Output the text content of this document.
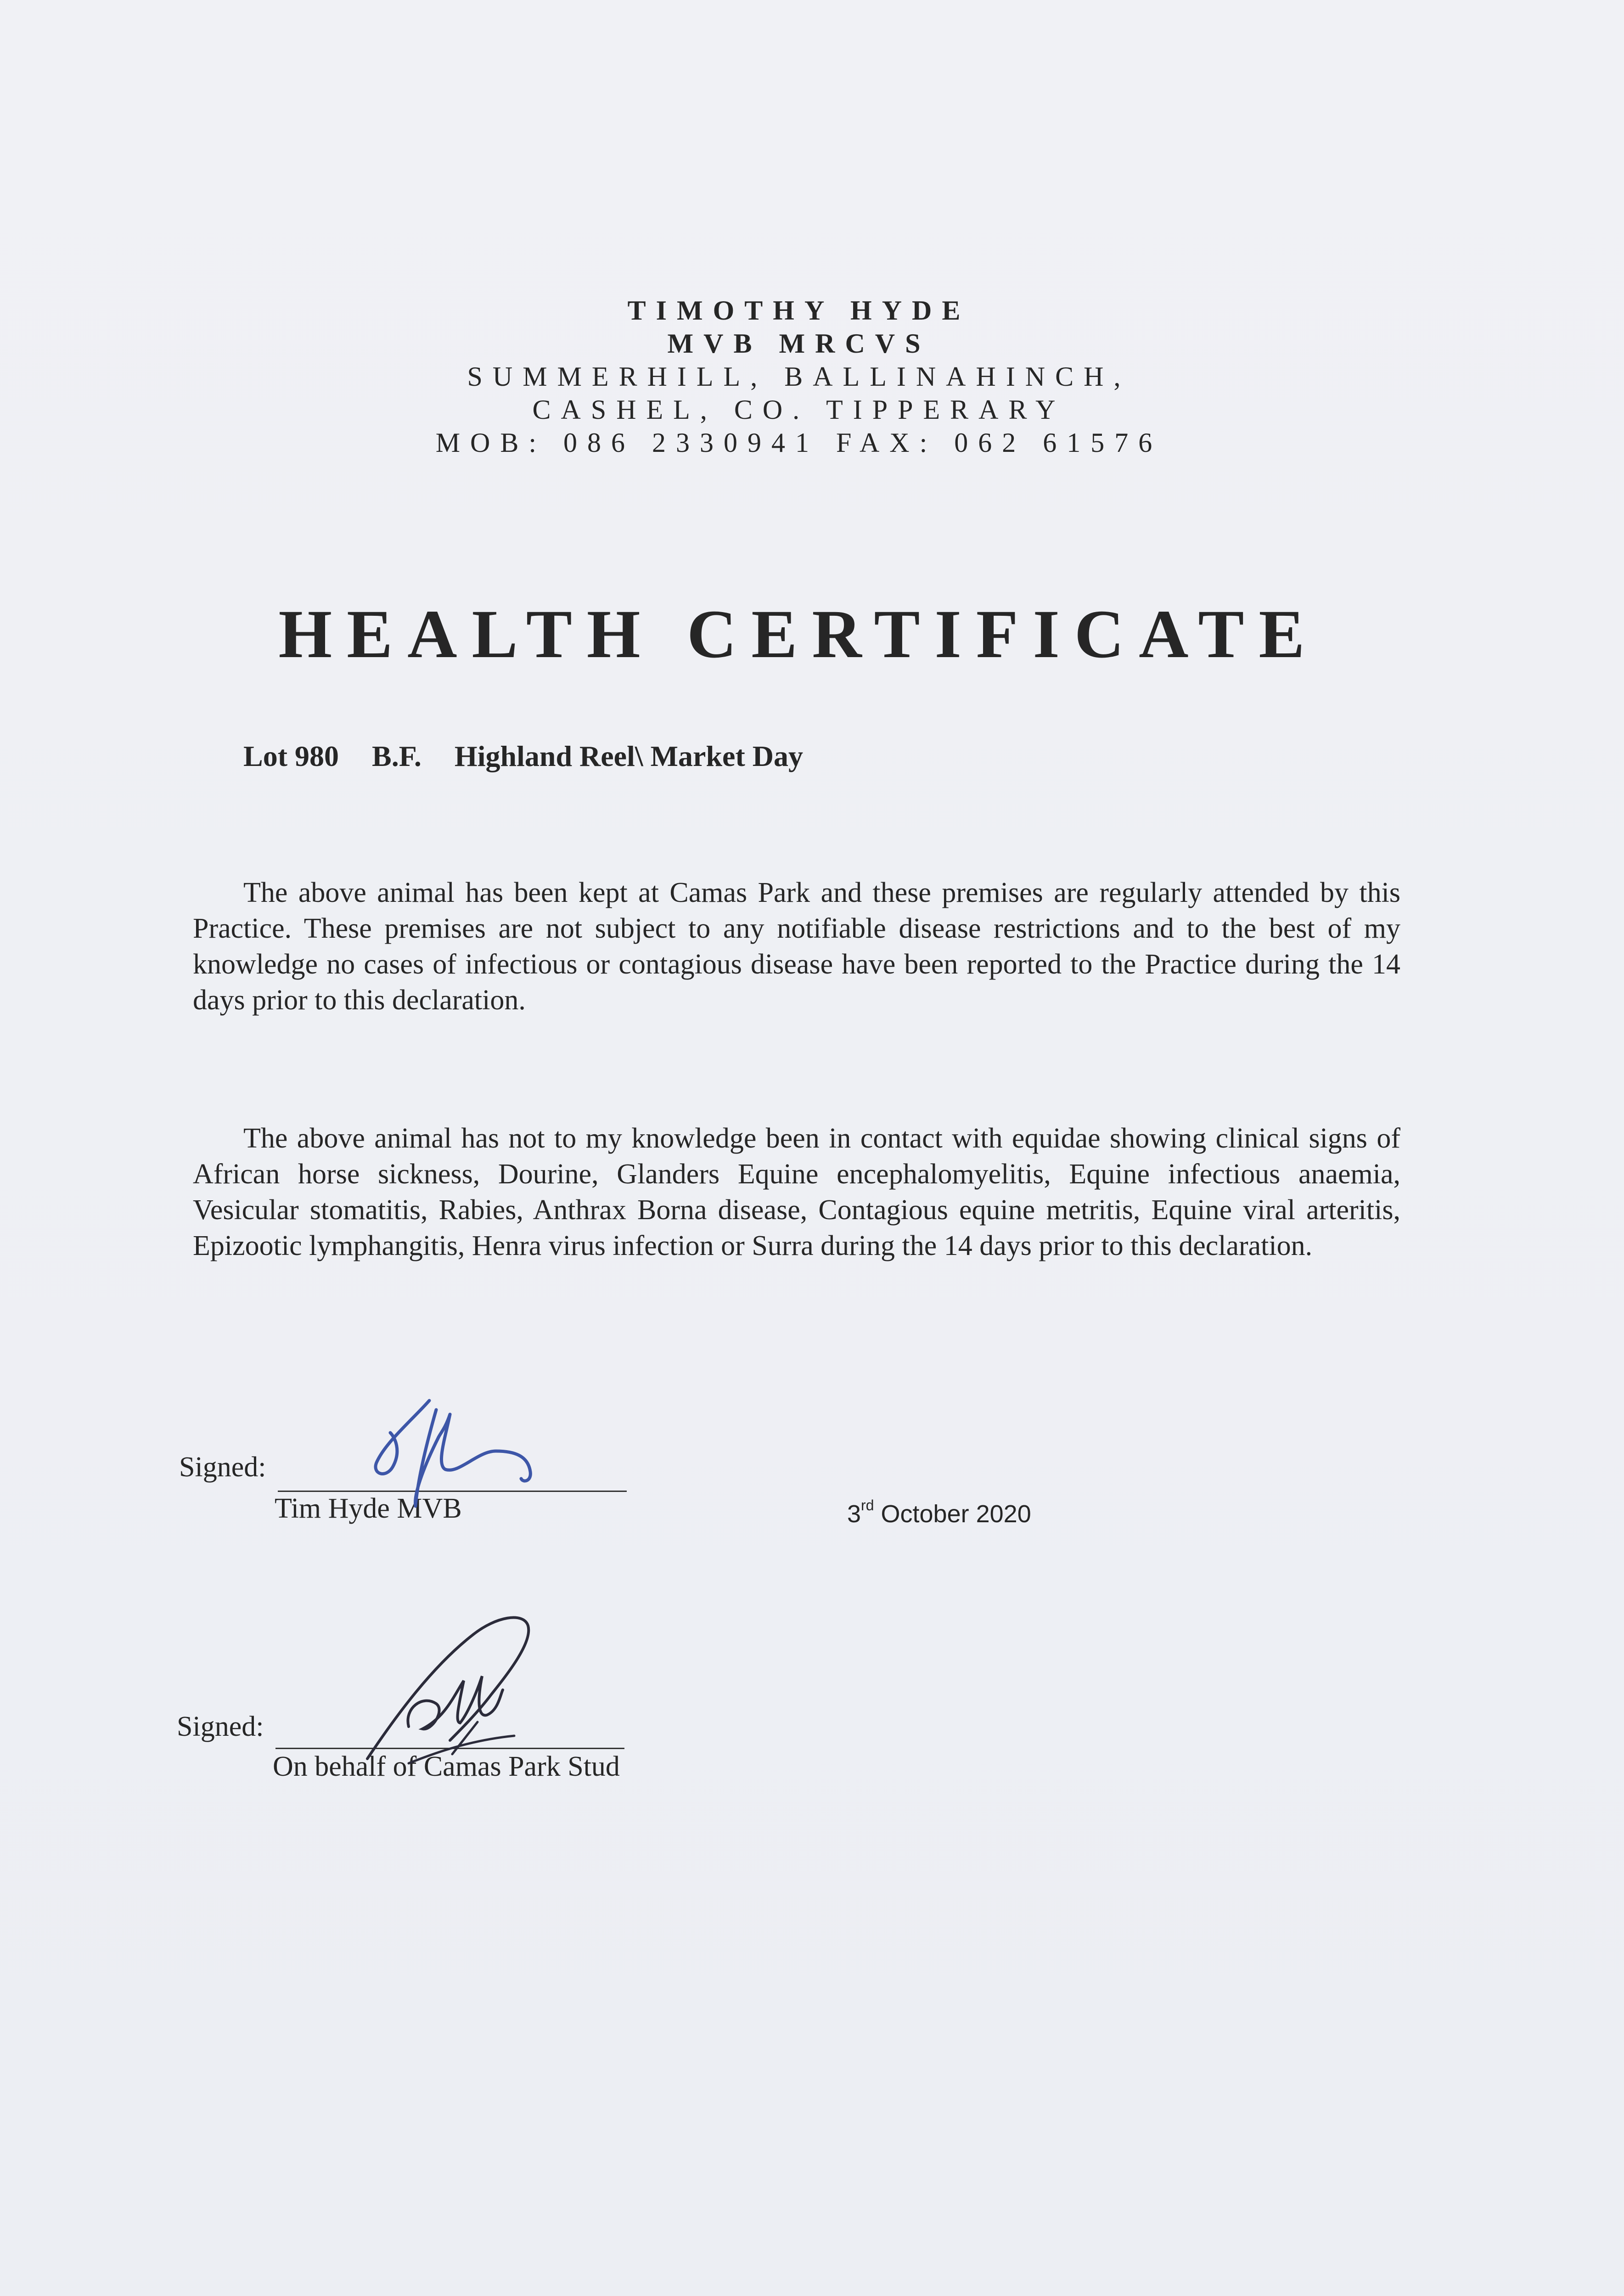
TIMOTHY HYDE
MVB MRCVS
SUMMERHILL, BALLINAHINCH,
CASHEL, CO. TIPPERARY
MOB: 086 2330941 FAX: 062 61576
HEALTH CERTIFICATE
Lot 980 B.F. Highland Reel\ Market Day

The above animal has been kept at Camas Park and these premises are regularly attended by this Practice. These premises are not subject to any notifiable disease restrictions and to the best of my knowledge no cases of infectious or contagious disease have been reported to the Practice during the 14 days prior to this declaration.

The above animal has not to my knowledge been in contact with equidae showing clinical signs of African horse sickness, Dourine, Glanders Equine encephalomyelitis, Equine infectious anaemia, Vesicular stomatitis, Rabies, Anthrax Borna disease, Contagious equine metritis, Equine viral arteritis, Epizootic lymphangitis, Henra virus infection or Surra during the 14 days prior to this declaration.

Signed:
Tim Hyde MVB	3rd October 2020
Signed:
On behalf of Camas Park Stud
